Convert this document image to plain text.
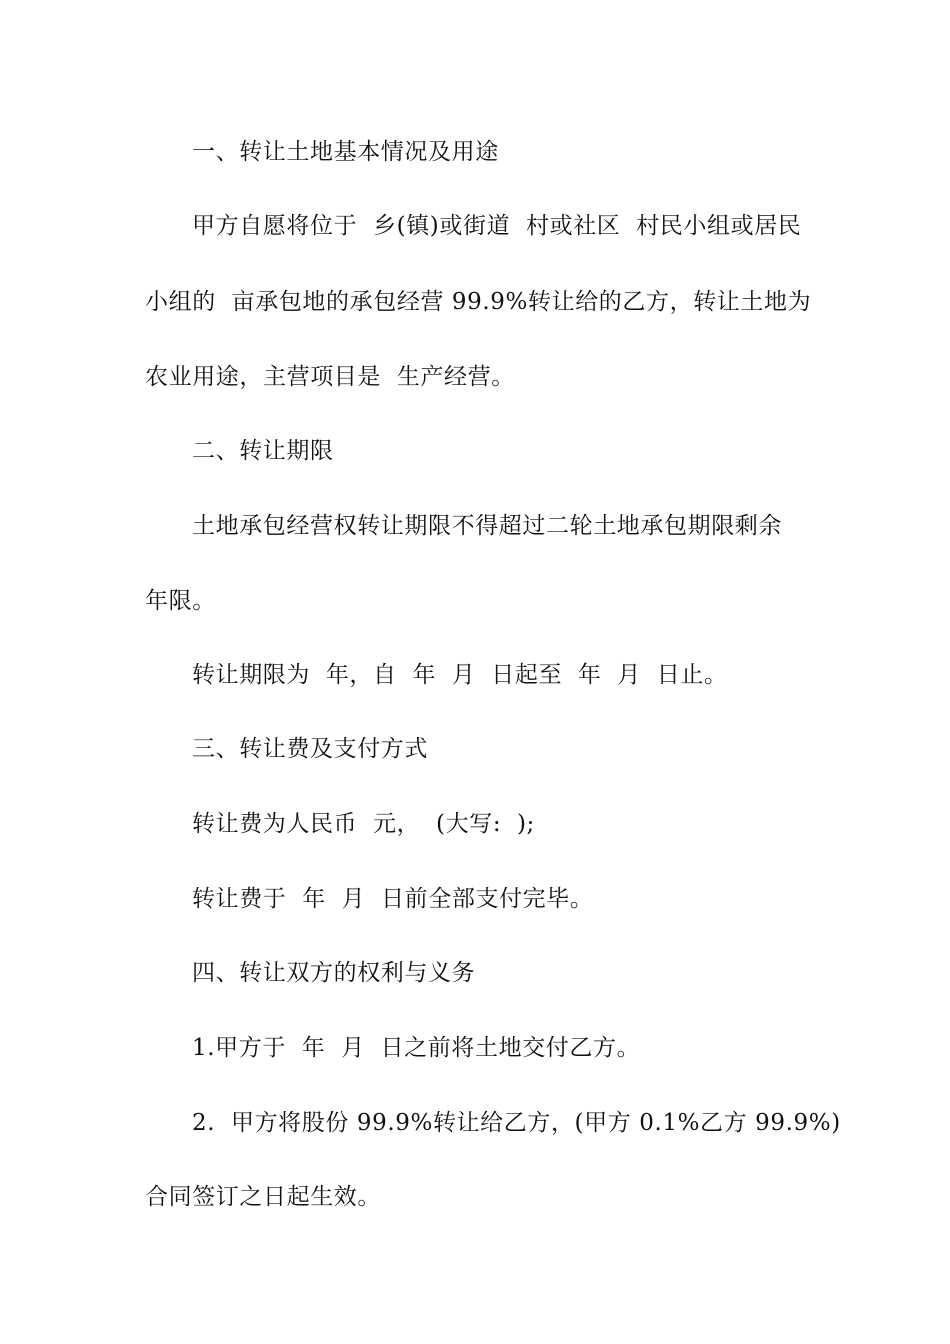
一、转让土地基本情况及用途
甲方自愿将位于  乡(镇)或街道  村或社区  村民小组或居民
小组的  亩承包地的承包经营 99.9%转让给的乙方，转让土地为
农业用途，主营项目是  生产经营。
二、转让期限
土地承包经营权转让期限不得超过二轮土地承包期限剩余
年限。
转让期限为  年，自  年  月  日起至  年  月  日止。
三、转让费及支付方式
转让费为人民币  元，  (大写:  );
转让费于  年  月  日前全部支付完毕。
四、转让双方的权利与义务
1.甲方于  年  月  日之前将土地交付乙方。
2.  甲方将股份 99.9%转让给乙方，(甲方 0.1%乙方 99.9%)
合同签订之日起生效。
